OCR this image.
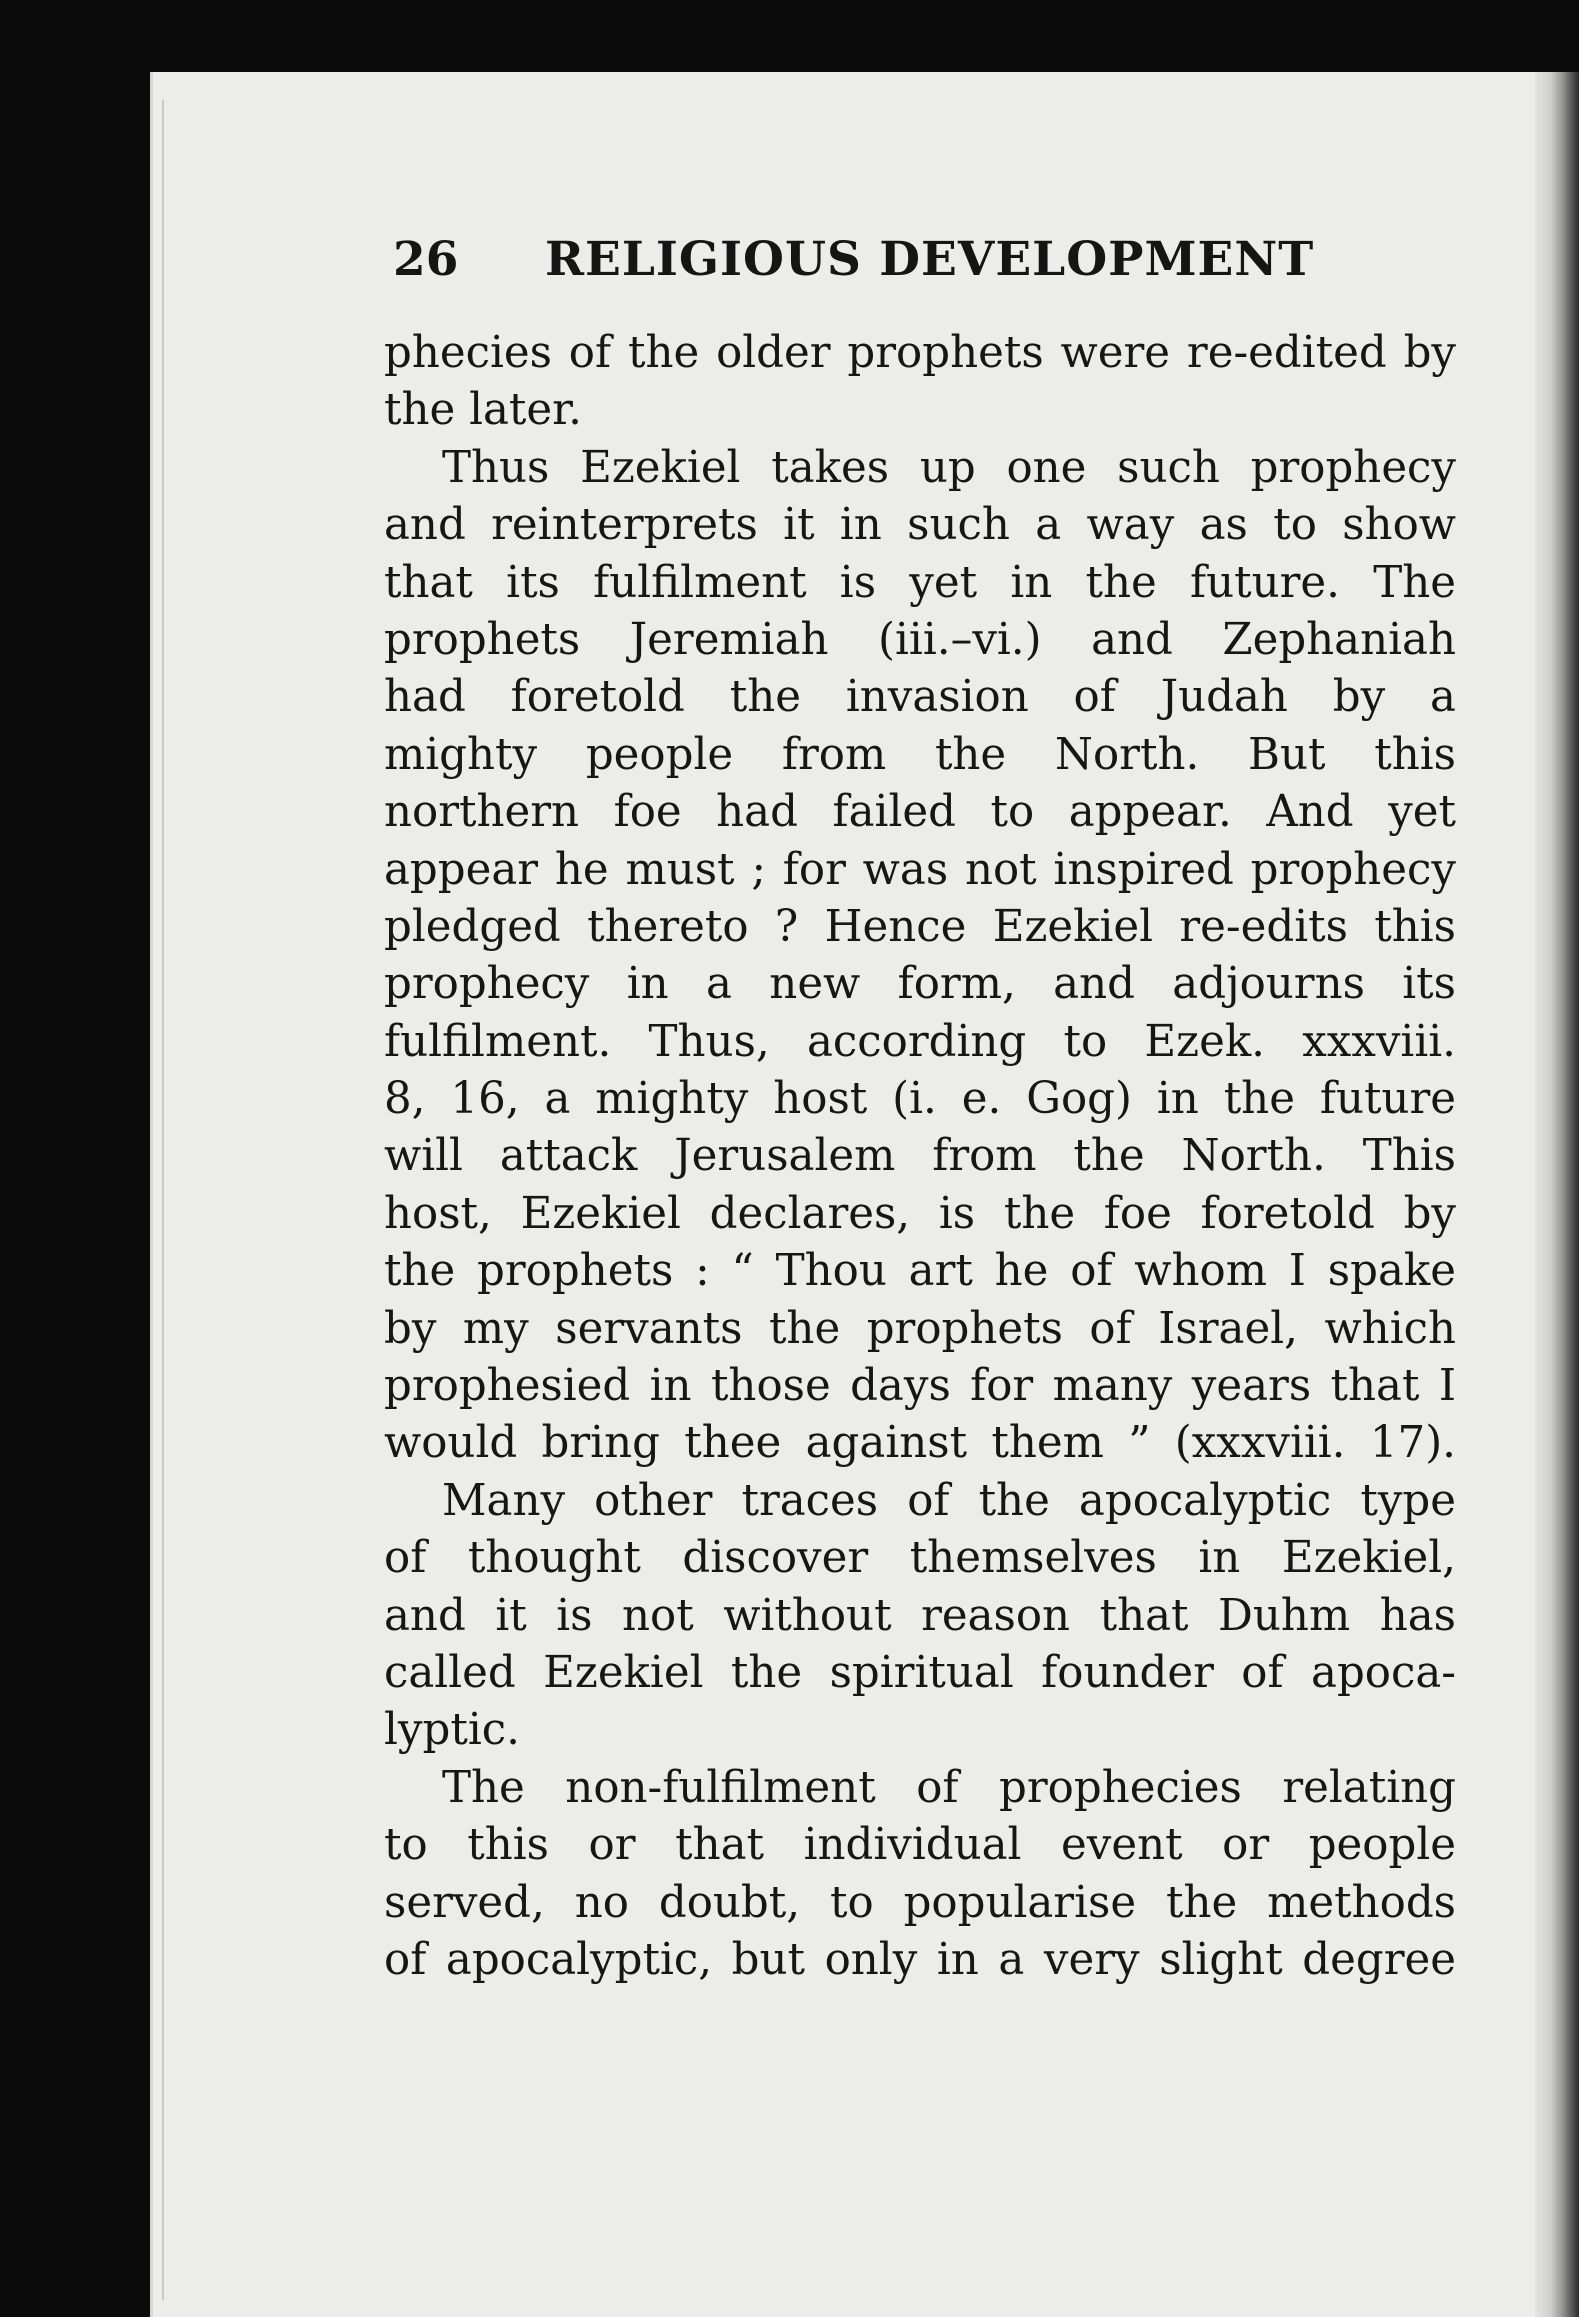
26 RELIGIOUS DEVELOPMENT
phecies of the older prophets were re-edited by
the later.
Thus Ezekiel takes up one such prophecy
and reinterprets it in such a way as to show
that its fulfilment is yet in the future. The
prophets Jeremiah (iii.–vi.) and Zephaniah
had foretold the invasion of Judah by a
mighty people from the North. But this
northern foe had failed to appear. And yet
appear he must ; for was not inspired prophecy
pledged thereto ? Hence Ezekiel re-edits this
prophecy in a new form, and adjourns its
fulfilment. Thus, according to Ezek. xxxviii.
8, 16, a mighty host (i. e. Gog) in the future
will attack Jerusalem from the North. This
host, Ezekiel declares, is the foe foretold by
the prophets : “ Thou art he of whom I spake
by my servants the prophets of Israel, which
prophesied in those days for many years that I
would bring thee against them ” (xxxviii. 17).
Many other traces of the apocalyptic type
of thought discover themselves in Ezekiel,
and it is not without reason that Duhm has
called Ezekiel the spiritual founder of apoca-
lyptic.
The non-fulfilment of prophecies relating
to this or that individual event or people
served, no doubt, to popularise the methods
of apocalyptic, but only in a very slight degree
